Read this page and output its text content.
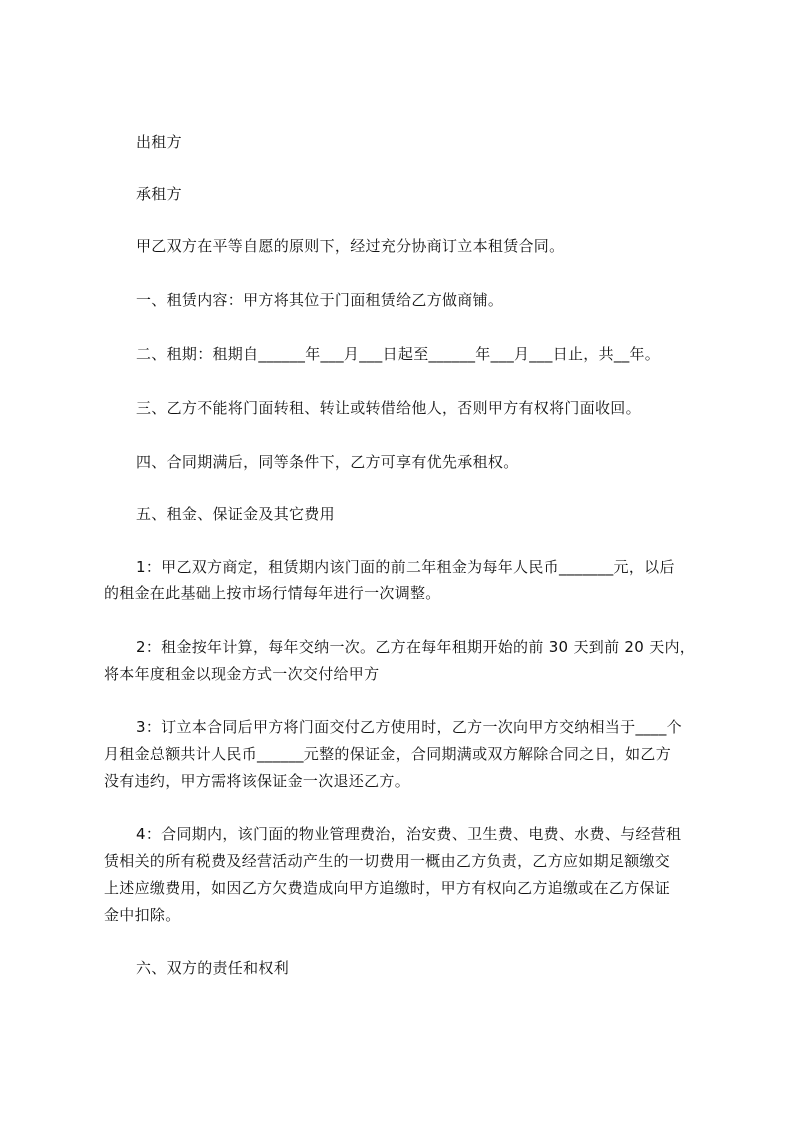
出租方
承租方
甲乙双方在平等自愿的原则下，经过充分协商订立本租赁合同。
一、租赁内容：甲方将其位于门面租赁给乙方做商铺。
二、租期：租期自______年___月___日起至______年___月___日止，共__年。
三、乙方不能将门面转租、转让或转借给他人，否则甲方有权将门面收回。
四、合同期满后，同等条件下，乙方可享有优先承租权。
五、租金、保证金及其它费用
1：甲乙双方商定，租赁期内该门面的前二年租金为每年人民币_______元，以后
的租金在此基础上按市场行情每年进行一次调整。
2：租金按年计算，每年交纳一次。乙方在每年租期开始的前 30 天到前 20 天内，
将本年度租金以现金方式一次交付给甲方
3：订立本合同后甲方将门面交付乙方使用时，乙方一次向甲方交纳相当于____个
月租金总额共计人民币______元整的保证金，合同期满或双方解除合同之日，如乙方
没有违约，甲方需将该保证金一次退还乙方。
4：合同期内，该门面的物业管理费治，治安费、卫生费、电费、水费、与经营租
赁相关的所有税费及经营活动产生的一切费用一概由乙方负责，乙方应如期足额缴交
上述应缴费用，如因乙方欠费造成向甲方追缴时，甲方有权向乙方追缴或在乙方保证
金中扣除。
六、双方的责任和权利
